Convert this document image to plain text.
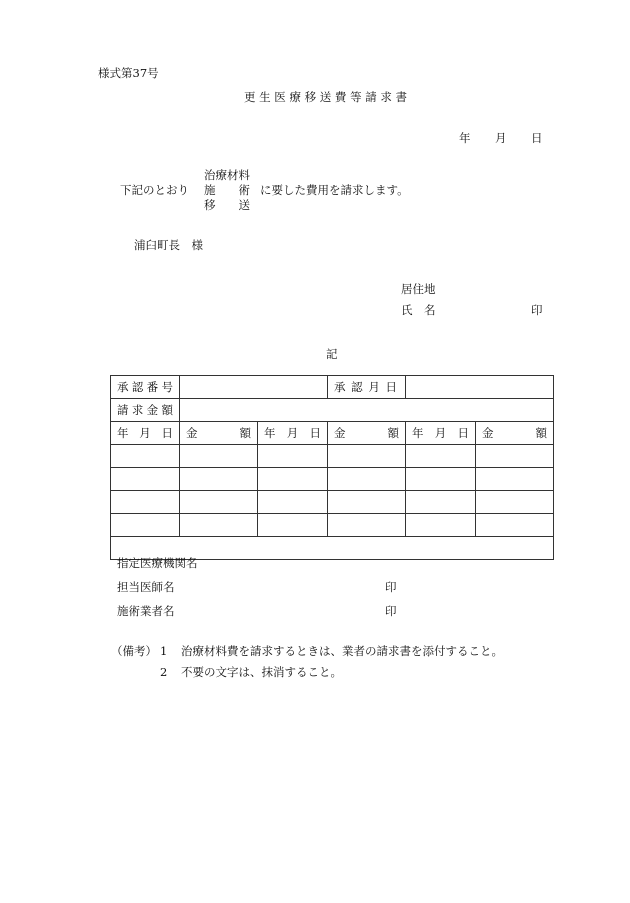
様式第37号
更 生 医 療 移 送 費 等 請 求 書
年 月 日
下記のとおり
治療材料
施　　術
移　　送
に要した費用を請求します。
浦臼町長　様
居住地
氏　名	印
記
承 認 番 号			承 認 月 日		

請 求 金 額					

年 月 日	金 額	年 月 日	金 額	年 月 日	金 額

指定医療機関名
担当医師名 印
施術業者名 印					
（備考） 1 治療材料費を請求するときは、業者の請求書を添付すること。
2 不要の文字は、抹消すること。
